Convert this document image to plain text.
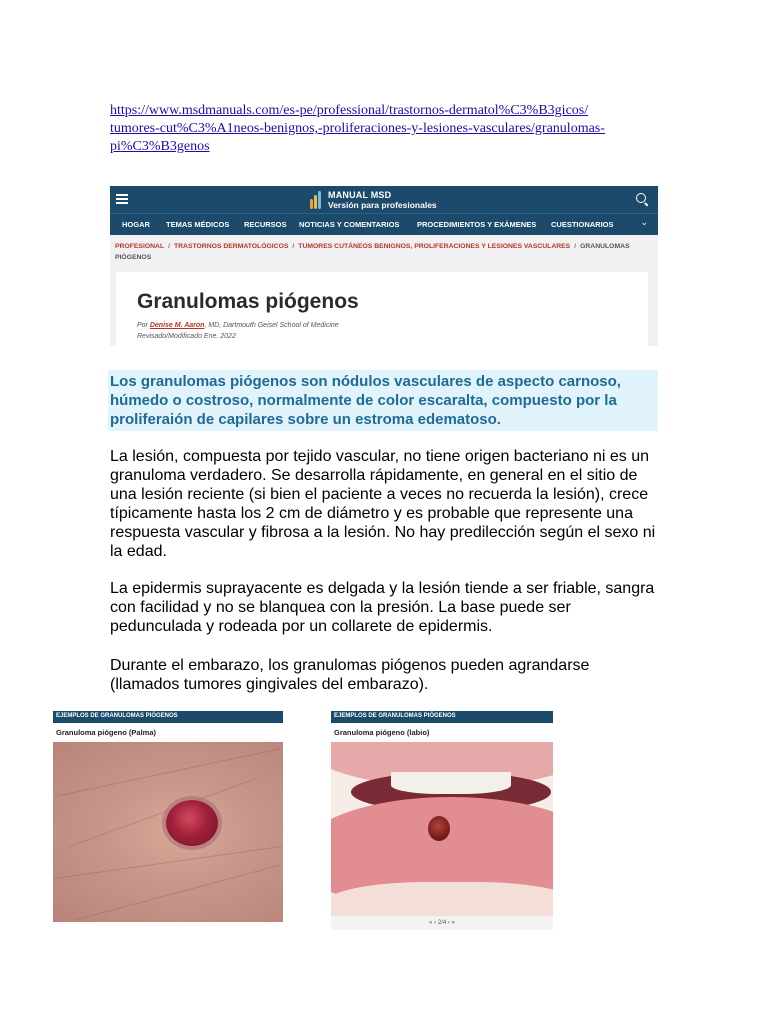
https://www.msdmanuals.com/es-pe/professional/trastornos-dermatol%C3%B3gicos/
tumores-cut%C3%A1neos-benignos,-proliferaciones-y-lesiones-vasculares/granulomas-
pi%C3%B3genos
MANUAL MSD
Versión para profesionales
HOGAR TEMAS MÉDICOS RECURSOS NOTICIAS Y COMENTARIOS PROCEDIMIENTOS Y EXÁMENES CUESTIONARIOS	⌄
PROFESIONAL / TRASTORNOS DERMATOLÓGICOS / TUMORES CUTÁNEOS BENIGNOS, PROLIFERACIONES Y LESIONES VASCULARES / GRANULOMAS PIÓGENOS
Granulomas piógenos
Por Denise M. Aaron, MD, Dartmouth Geisel School of Medicine
Revisado/Modificado Ene. 2022
Los granulomas piógenos son nódulos vasculares de aspecto carnoso, húmedo o costroso, normalmente de color escaralta, compuesto por la proliferaión de capilares sobre un estroma edematoso.
La lesión, compuesta por tejido vascular, no tiene origen bacteriano ni es un granuloma verdadero. Se desarrolla rápidamente, en general en el sitio de una lesión reciente (si bien el paciente a veces no recuerda la lesión), crece típicamente hasta los 2 cm de diámetro y es probable que represente una respuesta vascular y fibrosa a la lesión. No hay predilección según el sexo ni la edad.
La epidermis suprayacente es delgada y la lesión tiende a ser friable, sangra con facilidad y no se blanquea con la presión. La base puede ser pedunculada y rodeada por un collarete de epidermis.
Durante el embarazo, los granulomas piógenos pueden agrandarse (llamados tumores gingivales del embarazo).
EJEMPLOS DE GRANULOMAS PIÓGENOS
Granuloma piógeno (Palma)
EJEMPLOS DE GRANULOMAS PIÓGENOS
Granuloma piógeno (labio)
« ‹ 2/4 › »
